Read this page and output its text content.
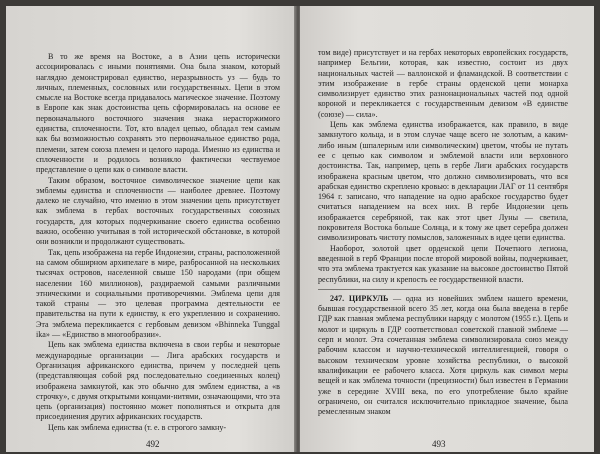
В то же время на Востоке, а в Азии цепь исторически ассоциировалась с иными понятиями. Она была знаком, который наглядно демонстрировал единство, неразрывность уз — будь то личных, племенных, сословных или государственных. Цепи в этом смысле на Востоке всегда придавалось магическое значение. Поэтому в Европе как знак достоинства цепь сформировалась на основе ее первоначального восточного значения знака нерасторжимого единства, сплоченности. Тот, кто владел цепью, обладал тем самым как бы возможностью сохранять это первоначальное единство рода, племени, затем союза племен и целого народа. Именно из единства и сплоченности и родилось возникло фактически чествуемое представление о цепи как о символе власти.

Таким образом, восточное символическое значение цепи как эмблемы единства и сплоченности — наиболее древнее. Поэтому далеко не случайно, что именно в этом значении цепь присутствует как эмблема в гербах восточных государственных союзных государств, для которых подчеркивание своего единства особенно важно, особенно учитывая в той исторической обстановке, в которой они возникли и продолжают существовать.

Так, цепь изображена на гербе Индонезии, страны, расположенной на самом обширном архипелаге в мире, разбросанной на нескольких тысячах островов, населенной свыше 150 народами (при общем населении 160 миллионов), раздираемой самыми различными этническими и социальными противоречиями. Эмблема цепи для такой страны — это целевая программа деятельности ее правительства на пути к единству, к его укреплению и сохранению. Эта эмблема перекликается с гербовым девизом «Bhinneka Tunggal ika» — «Единство в многообразии».

Цепь как эмблема единства включена в свои гербы и некоторые международные организации — Лига арабских государств и Организация африканского единства, причем у последней цепь (представляющая собой ряд последовательно соединенных колец) изображена замкнутой, как это обычно для эмблем единства, а «в строчку», с двумя открытыми концами-нитями, означающими, что эта цепь (организация) постоянно может пополняться и открыта для присоединения других африканских государств.

Цепь как эмблема единства (т. е. в строгого замкну-

492

том виде) присутствует и на гербах некоторых европейских государств, например Бельгии, которая, как известно, состоит из двух национальных частей — валлонской и фламандской. В соответствии с этим изображение в гербе страны орденской цепи монарха символизирует единство этих разнонациональных частей под одной короной и перекликается с государственным девизом «В единстве (союзе) — сила».

Цепь как эмблема единства изображается, как правило, в виде замкнутого кольца, и в этом случае чаще всего не золотым, а каким-либо иным (шпалерным или символическим) цветом, чтобы не путать ее с цепью как символом и эмблемой власти или верховного достоинства. Так, например, цепь в гербе Лиги арабских государств изображена красным цветом, что должно символизировать, что вся арабская единство скреплено кровью: в декларации ЛАГ от 11 сентября 1964 г. записано, что нападение на одно арабское государство будет считаться нападением на всех них. В гербе Индонезии цепь изображается серебряной, так как этот цвет Луны — светила, покровителя Востока больше Солнца, и к тому же цвет серебра должен символизировать чистоту помыслов, заложенных в идее цепи единства.

Наоборот, золотой цвет орденской цепи Почетного легиона, введенной в герб Франции после второй мировой войны, подчеркивает, что эта эмблема трактуется как указание на высокое достоинство Пятой республики, на силу и крепость ее государственной власти.

247. ЦИРКУЛЬ — одна из новейших эмблем нашего времени, бывшая государственной всего 35 лет, когда она была введена в гербе ГДР как главная эмблема республики наряду с молотом (1955 г.). Цепь и молот и циркуль в ГДР соответствовал советской главной эмблеме — серп и молот. Эта сочетанная эмблема символизировала союз между рабочим классом и научно-технической интеллигенцией, говоря о высоком техническом уровне хозяйства республики, о высокой квалификации ее рабочего класса. Хотя циркуль как символ меры вещей и как эмблема точности (прецизности) был известен в Германии уже в середине XVIII века, по его употребление было крайне ограничено, он считался исключительно прикладное значение, была ремесленным знаком

493
